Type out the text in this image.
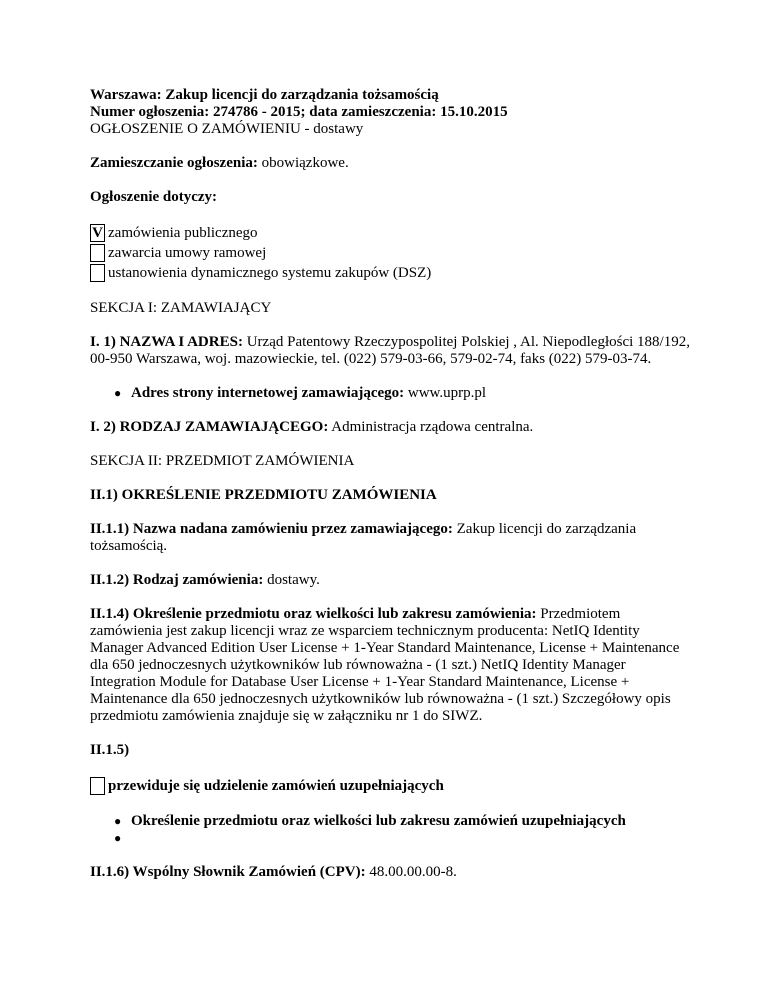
Warszawa: Zakup licencji do zarządzania tożsamością

Numer ogłoszenia: 274786 - 2015; data zamieszczenia: 15.10.2015

OGŁOSZENIE O ZAMÓWIENIU - dostawy

Zamieszczanie ogłoszenia: obowiązkowe.

Ogłoszenie dotyczy:

V zamówienia publicznego
zawarcia umowy ramowej
ustanowienia dynamicznego systemu zakupów (DSZ)

SEKCJA I: ZAMAWIAJĄCY

I. 1) NAZWA I ADRES: Urząd Patentowy Rzeczypospolitej Polskiej , Al. Niepodległości 188/192, 00-950 Warszawa, woj. mazowieckie, tel. (022) 579-03-66, 579-02-74, faks (022) 579-03-74.

● Adres strony internetowej zamawiającego: www.uprp.pl

I. 2) RODZAJ ZAMAWIAJĄCEGO: Administracja rządowa centralna.

SEKCJA II: PRZEDMIOT ZAMÓWIENIA

II.1) OKREŚLENIE PRZEDMIOTU ZAMÓWIENIA

II.1.1) Nazwa nadana zamówieniu przez zamawiającego: Zakup licencji do zarządzania tożsamością.

II.1.2) Rodzaj zamówienia: dostawy.

II.1.4) Określenie przedmiotu oraz wielkości lub zakresu zamówienia: Przedmiotem zamówienia jest zakup licencji wraz ze wsparciem technicznym producenta: NetIQ Identity Manager Advanced Edition User License + 1-Year Standard Maintenance, License + Maintenance dla 650 jednoczesnych użytkowników lub równoważna - (1 szt.) NetIQ Identity Manager Integration Module for Database User License + 1-Year Standard Maintenance, License + Maintenance dla 650 jednoczesnych użytkowników lub równoważna - (1 szt.) Szczegółowy opis przedmiotu zamówienia znajduje się w załączniku nr 1 do SIWZ.

II.1.5)

przewiduje się udzielenie zamówień uzupełniających
● Określenie przedmiotu oraz wielkości lub zakresu zamówień uzupełniających
●

II.1.6) Wspólny Słownik Zamówień (CPV): 48.00.00.00-8.
